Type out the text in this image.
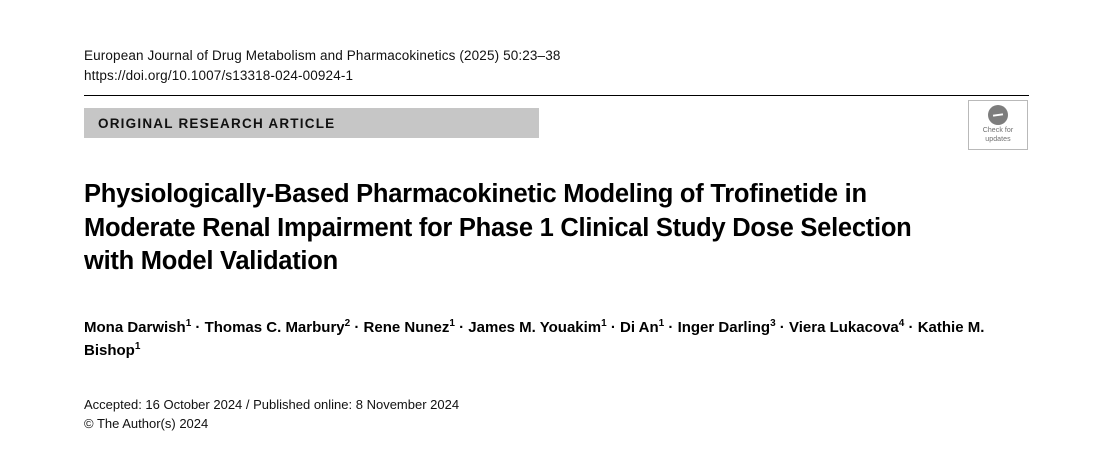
European Journal of Drug Metabolism and Pharmacokinetics (2025) 50:23–38
https://doi.org/10.1007/s13318-024-00924-1
ORIGINAL RESEARCH ARTICLE	Check for
updates
Physiologically-Based Pharmacokinetic Modeling of Trofinetide in Moderate Renal Impairment for Phase 1 Clinical Study Dose Selection with Model Validation
Mona Darwish$^1$ · Thomas C. Marbury$^2$ · Rene Nunez$^1$ · James M. Youakim$^1$ · Di $An^1$ · Inger Darling$^3$ · Viera Lukacova$^4$ · Kathie M. Bishop$^1$
Accepted: 16 October 2024 / Published online: 8 November 2024
© The Author(s) 2024
